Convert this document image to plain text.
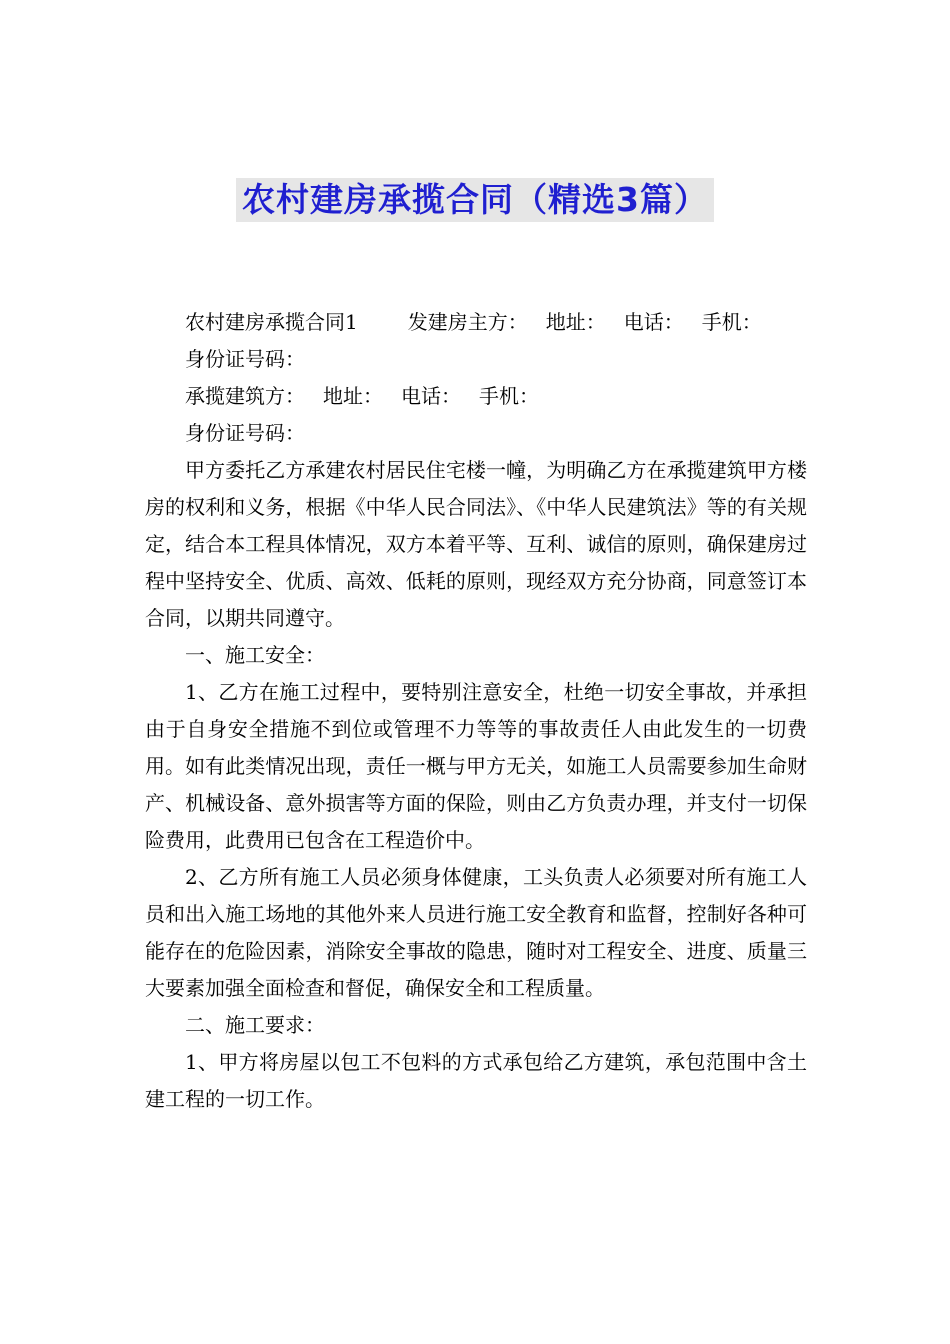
农村建房承揽合同（精选3篇）

农村建房承揽合同1	发建房主方： 地址： 电话： 手机：

身份证号码：

承揽建筑方： 地址： 电话： 手机：

身份证号码：

甲方委托乙方承建农村居民住宅楼一幢，为明确乙方在承揽建筑甲方楼房的权利和义务，根据《中华人民合同法》、《中华人民建筑法》等的有关规定，结合本工程具体情况，双方本着平等、互利、诚信的原则，确保建房过程中坚持安全、优质、高效、低耗的原则，现经双方充分协商，同意签订本合同，以期共同遵守。

一、施工安全：

1、乙方在施工过程中，要特别注意安全，杜绝一切安全事故，并承担由于自身安全措施不到位或管理不力等等的事故责任人由此发生的一切费用。如有此类情况出现，责任一概与甲方无关，如施工人员需要参加生命财产、机械设备、意外损害等方面的保险，则由乙方负责办理，并支付一切保险费用，此费用已包含在工程造价中。

2、乙方所有施工人员必须身体健康，工头负责人必须要对所有施工人员和出入施工场地的其他外来人员进行施工安全教育和监督，控制好各种可能存在的危险因素，消除安全事故的隐患，随时对工程安全、进度、质量三大要素加强全面检查和督促，确保安全和工程质量。

二、施工要求：

1、甲方将房屋以包工不包料的方式承包给乙方建筑，承包范围中含土建工程的一切工作。
